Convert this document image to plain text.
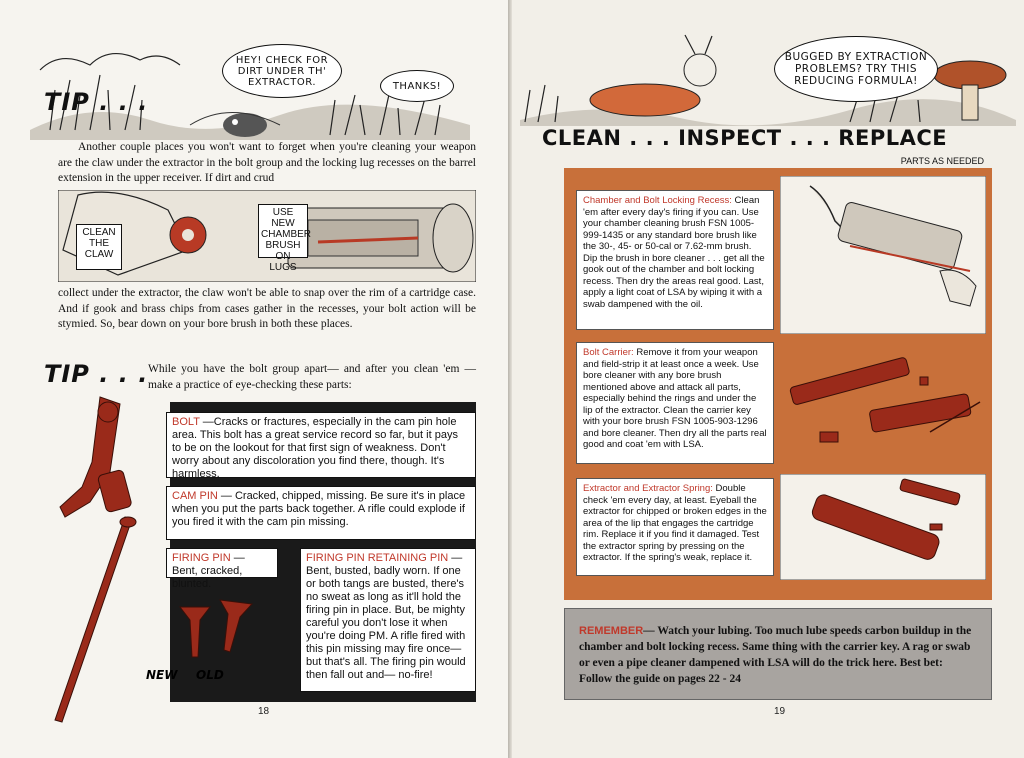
HEY! CHECK FOR DIRT UNDER TH' EXTRACTOR.	THANKS!
TIP . . .
Another couple places you won't want to forget when you're cleaning your weapon are the claw under the extractor in the bolt group and the locking lug recesses on the barrel extension in the upper receiver. If dirt and crud
CLEAN THE CLAW
USE NEW CHAMBER BRUSH ON LUGS
collect under the extractor, the claw won't be able to snap over the rim of a cartridge case. And if gook and brass chips from cases gather in the recesses, your bolt action will be stymied. So, bear down on your bore brush in both these places.
TIP . . . While you have the bolt group apart— and after you clean 'em — make a practice of eye-checking these parts:
BOLT —Cracks or fractures, especially in the cam pin hole area. This bolt has a great service record so far, but it pays to be on the lookout for that first sign of weakness. Don't worry about any discoloration you find there, though. It's harmless.
CAM PIN — Cracked, chipped, missing. Be sure it's in place when you put the parts back together. A rifle could explode if you fired it with the cam pin missing.
FIRING PIN — Bent, cracked, blunted.
FIRING PIN RETAINING PIN — Bent, busted, badly worn. If one or both tangs are busted, there's no sweat as long as it'll hold the firing pin in place. But, be mighty careful you don't lose it when you're doing PM. A rifle fired with this pin missing may fire once— but that's all. The firing pin would then fall out and— no-fire!
NEW OLD
18
BUGGED BY EXTRACTION PROBLEMS? TRY THIS REDUCING FORMULA!
CLEAN . . . INSPECT . . . REPLACE
PARTS AS NEEDED
Chamber and Bolt Locking Recess: Clean 'em after every day's firing if you can. Use your chamber cleaning brush FSN 1005-999-1435 or any standard bore brush like the 30-, 45- or 50-cal or 7.62-mm brush. Dip the brush in bore cleaner . . . get all the gook out of the chamber and bolt locking recess. Then dry the areas real good. Last, apply a light coat of LSA by wiping it with a swab dampened with the oil.
Bolt Carrier: Remove it from your weapon and field-strip it at least once a week. Use bore cleaner with any bore brush mentioned above and attack all parts, especially behind the rings and under the lip of the extractor. Clean the carrier key with your bore brush FSN 1005-903-1296 and bore cleaner. Then dry all the parts real good and coat 'em with LSA.
Extractor and Extractor Spring: Double check 'em every day, at least. Eyeball the extractor for chipped or broken edges in the area of the lip that engages the cartridge rim. Replace it if you find it damaged. Test the extractor spring by pressing on the extractor. If the spring's weak, replace it.
REMEMBER— Watch your lubing. Too much lube speeds carbon buildup in the chamber and bolt locking recess. Same thing with the carrier key. A rag or swab or even a pipe cleaner dampened with LSA will do the trick here. Best bet: Follow the guide on pages 22 - 24
19
